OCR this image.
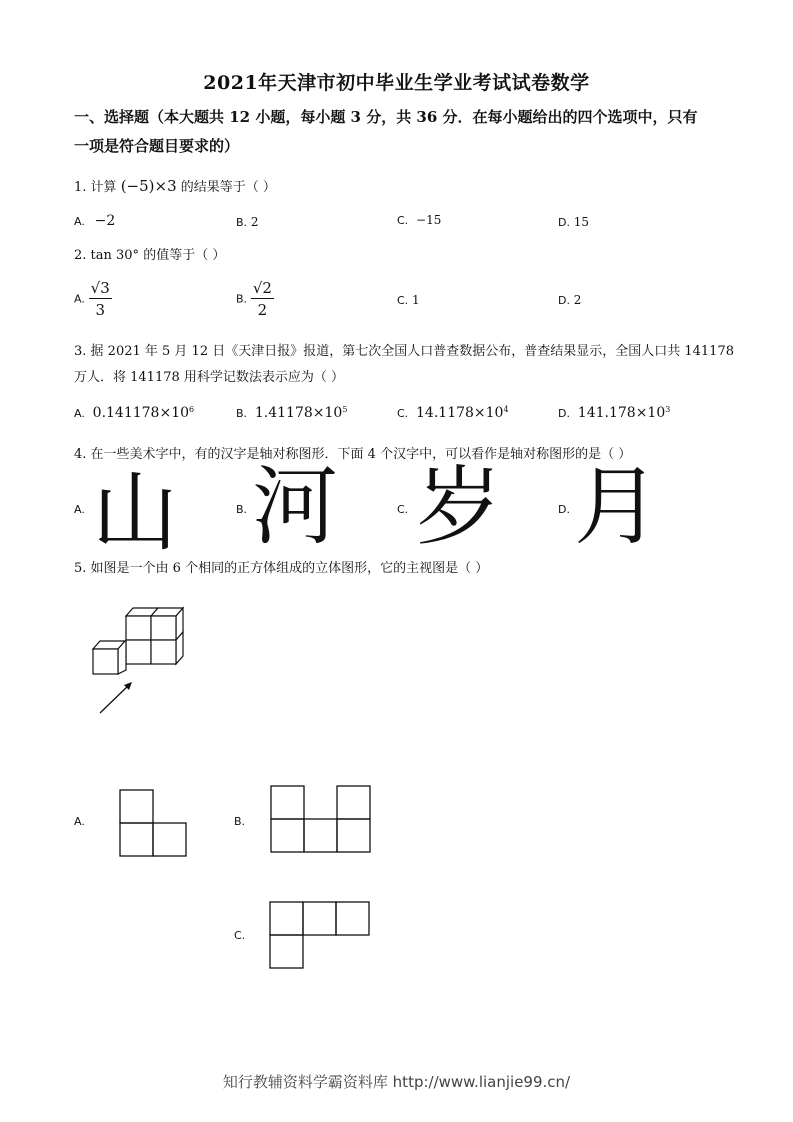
2021年天津市初中毕业生学业考试试卷数学
一、选择题（本大题共 12 小题，每小题 3 分，共 36 分．在每小题给出的四个选项中，只有
一项是符合题目要求的）
1. 计算 (−5)×3 的结果等于（ ）
A. −2	B. 2	C. −15	D. 15
2. tan 30° 的值等于（ ）
A. $\frac{√3}{3}$	B. $\frac{√2}{2}$	C. 1	D. 2
3. 据 2021 年 5 月 12 日《天津日报》报道，第七次全国人口普查数据公布，普查结果显示，全国人口共 141178
万人．将 141178 用科学记数法表示应为（ ）
A. $0.141178\times 10^6$	B. $1.41178\times 10^5$	C. $14.1178\times 10^4$	D. $141.178\times 10^3$
4. 在一些美术字中，有的汉字是轴对称图形．下面 4 个汉字中，可以看作是轴对称图形的是（ ）
A. 山	B. 河	C. 岁	D. 月
5. 如图是一个由 6 个相同的正方体组成的立体图形，它的主视图是（ ）
A.	B.
C.
知行教辅资料学霸资料库 http://www.lianjie99.cn/
